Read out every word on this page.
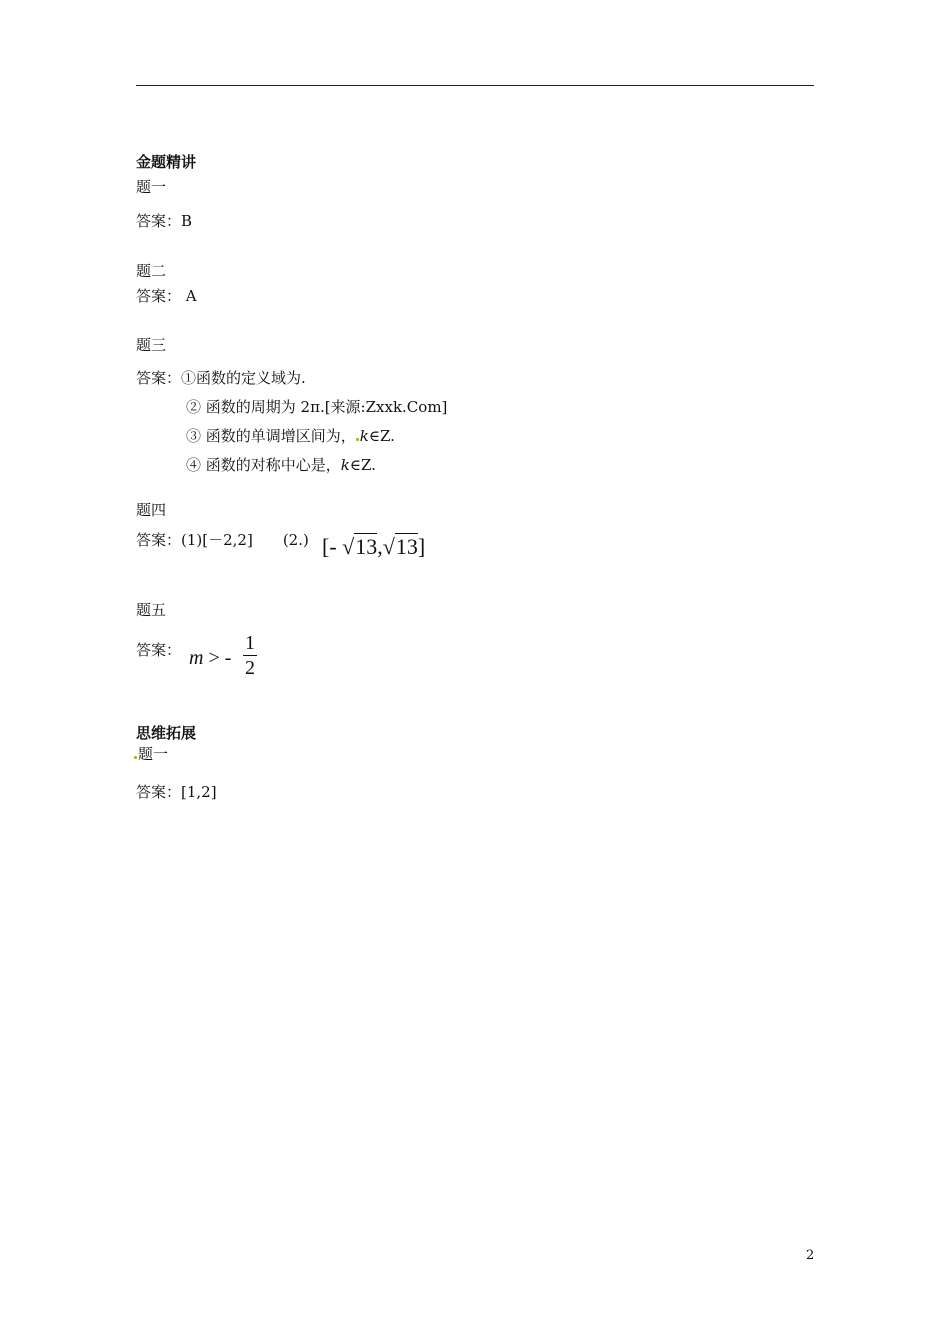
金题精讲
题一
答案：B
题二
答案： A
题三
答案：①函数的定义域为.
② 函数的周期为 2π.[来源:Zxxk.Com]
③ 函数的单调增区间为， k∈Z.
④ 函数的对称中心是，k∈Z.
题四
答案：(1)[－2,2] (2.) [- √13,√13]
题五
答案： m > -
1
2
思维拓展
题一
答案：[1,2]
2
